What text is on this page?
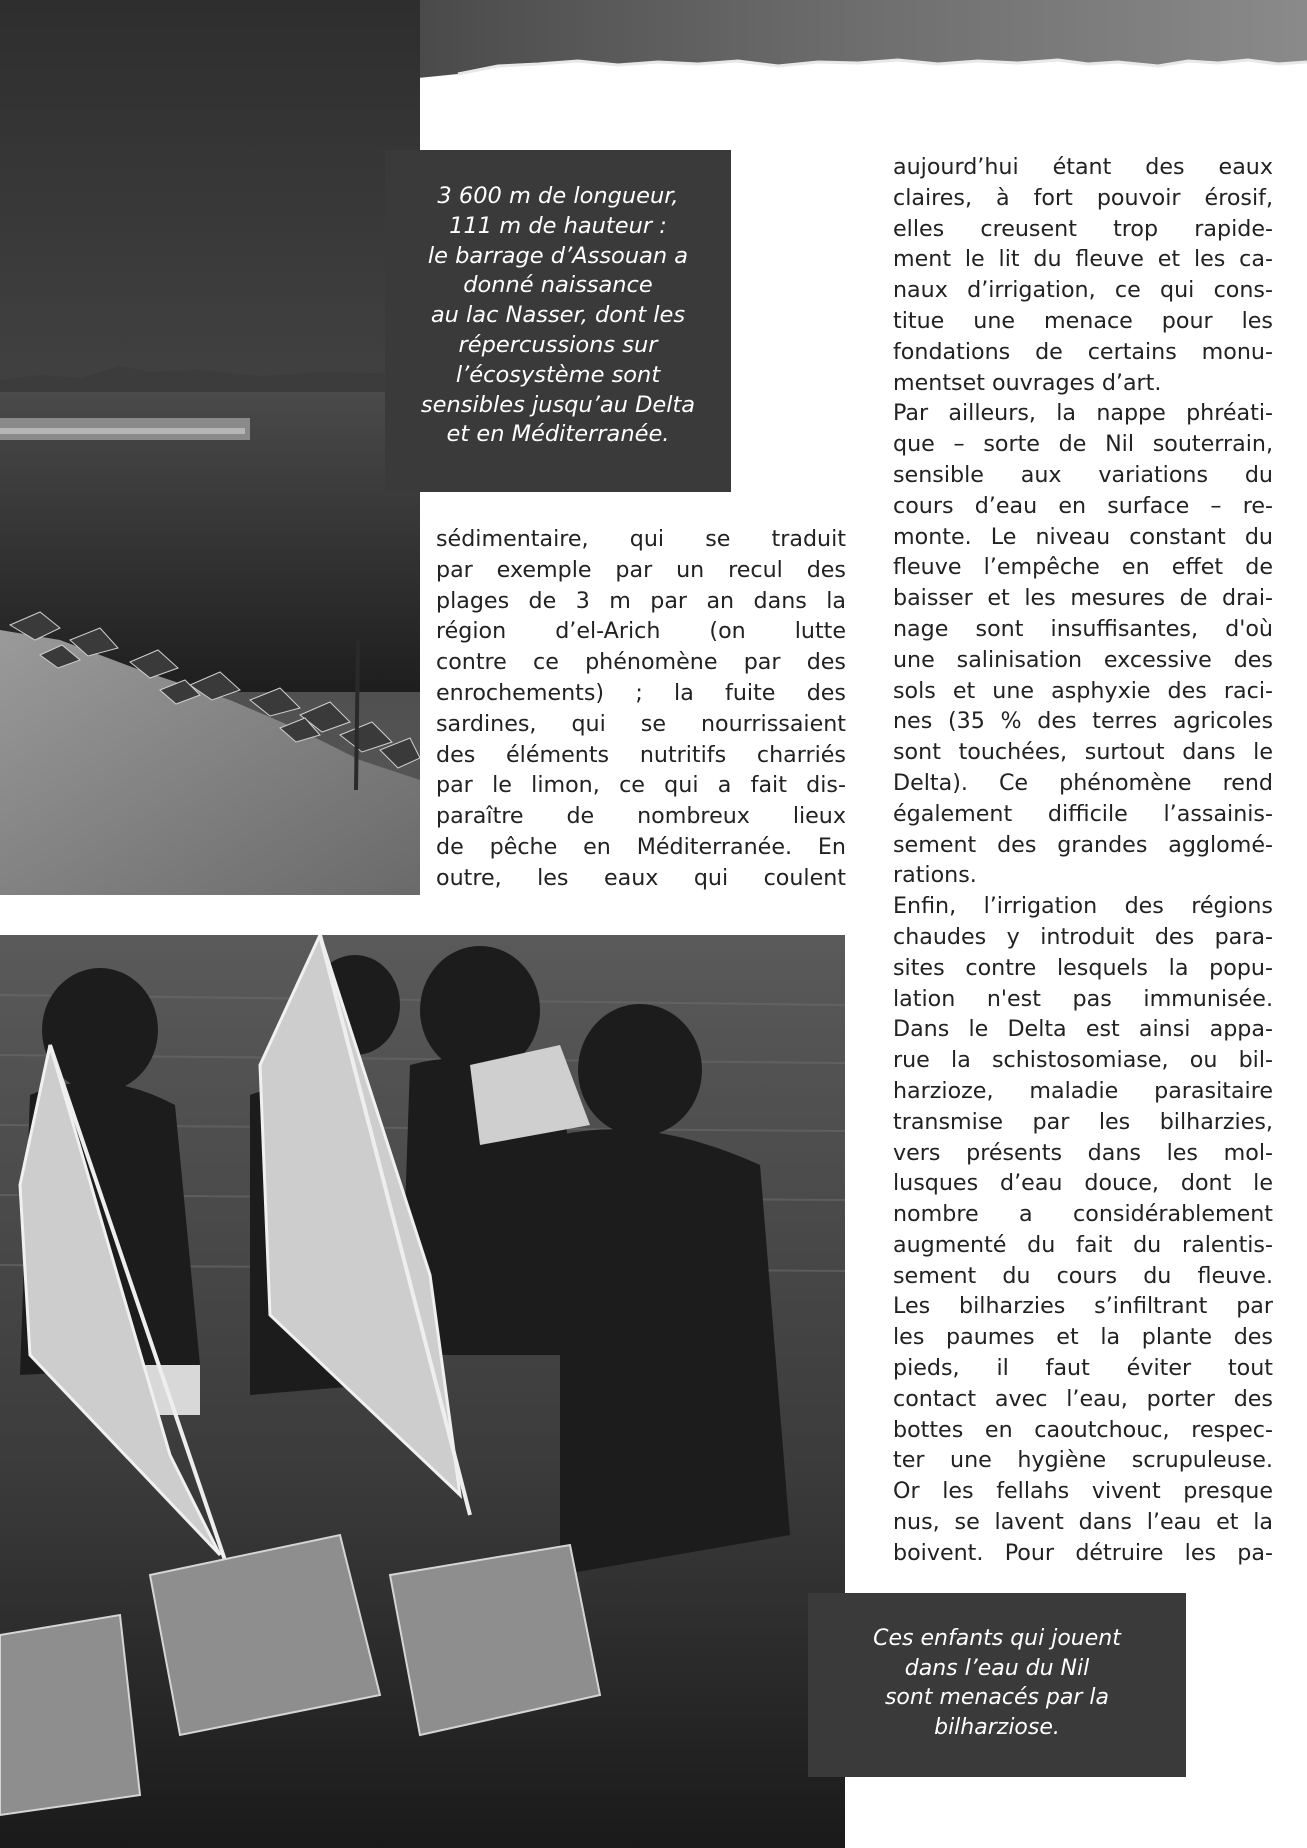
3 600 m de longueur,
111 m de hauteur :
le barrage d’Assouan a
donné naissance
au lac Nasser, dont les
répercussions sur
l’écosystème sont
sensibles jusqu’au Delta
et en Méditerranée.
sédimentaire, qui se traduit
par exemple par un recul des
plages de 3 m par an dans la
région d’el-Arich (on lutte
contre ce phénomène par des
enrochements) ; la fuite des
sardines, qui se nourrissaient
des éléments nutritifs charriés
par le limon, ce qui a fait dis-
paraître de nombreux lieux
de pêche en Méditerranée. En
outre, les eaux qui coulent
aujourd’hui étant des eaux
claires, à fort pouvoir érosif,
elles creusent trop rapide-
ment le lit du fleuve et les ca-
naux d’irrigation, ce qui cons-
titue une menace pour les
fondations de certains monu-
mentset ouvrages d’art.
Par ailleurs, la nappe phréati-
que – sorte de Nil souterrain,
sensible aux variations du
cours d’eau en surface – re-
monte. Le niveau constant du
fleuve l’empêche en effet de
baisser et les mesures de drai-
nage sont insuffisantes, d'où
une salinisation excessive des
sols et une asphyxie des raci-
nes (35 % des terres agricoles
sont touchées, surtout dans le
Delta). Ce phénomène rend
également difficile l’assainis-
sement des grandes agglomé-
rations.
Enfin, l’irrigation des régions
chaudes y introduit des para-
sites contre lesquels la popu-
lation n'est pas immunisée.
Dans le Delta est ainsi appa-
rue la schistosomiase, ou bil-
harzioze, maladie parasitaire
transmise par les bilharzies,
vers présents dans les mol-
lusques d’eau douce, dont le
nombre a considérablement
augmenté du fait du ralentis-
sement du cours du fleuve.
Les bilharzies s’infiltrant par
les paumes et la plante des
pieds, il faut éviter tout
contact avec l’eau, porter des
bottes en caoutchouc, respec-
ter une hygiène scrupuleuse.
Or les fellahs vivent presque
nus, se lavent dans l’eau et la
boivent. Pour détruire les pa-
Ces enfants qui jouent
dans l’eau du Nil
sont menacés par la
bilharziose.
